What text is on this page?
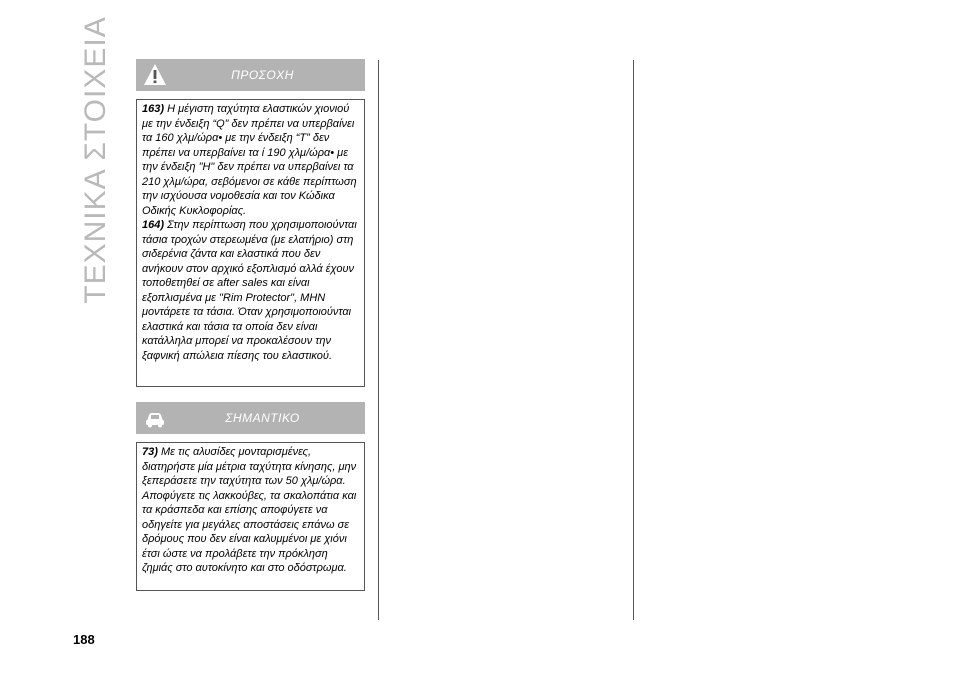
ΤΕΧΝΙΚΑ ΣΤΟΙΧΕΙΑ	ΠΡΟΣΟΧΗ

163) Η μέγιστη ταχύτητα ελαστικών χιονιού με την ένδειξη “Q” δεν πρέπει να υπερβαίνει τα 160 χλμ/ώρα• με την ένδειξη “T” δεν πρέπει να υπερβαίνει τα ί 190 χλμ/ώρα• με την ένδειξη "H" δεν πρέπει να υπερβαίνει τα 210 χλμ/ώρα, σεβόμενοι σε κάθε περίπτωση την ισχύουσα νομοθεσία και τον Κώδικα Οδικής Κυκλοφορίας.

164) Στην περίπτωση που χρησιμοποιούνται τάσια τροχών στερεωμένα (με ελατήριο) στη σιδερένια ζάντα και ελαστικά που δεν ανήκουν στον αρχικό εξοπλισμό αλλά έχουν τοποθετηθεί σε after sales και είναι εξοπλισμένα με "Rim Protector", ΜΗΝ μοντάρετε τα τάσια. Όταν χρησιμοποιούνται ελαστικά και τάσια τα οποία δεν είναι κατάλληλα μπορεί να προκαλέσουν την ξαφνική απώλεια πίεσης του ελαστικού.

ΣΗΜΑΝΤΙΚΟ

73) Με τις αλυσίδες μονταρισμένες, διατηρήστε μία μέτρια ταχύτητα κίνησης, μην ξεπεράσετε την ταχύτητα των 50 χλμ/ώρα. Αποφύγετε τις λακκούβες, τα σκαλοπάτια και τα κράσπεδα και επίσης αποφύγετε να οδηγείτε για μεγάλες αποστάσεις επάνω σε δρόμους που δεν είναι καλυμμένοι με χιόνι έτσι ώστε να προλάβετε την πρόκληση ζημιάς στο αυτοκίνητο και στο οδόστρωμα.

188
